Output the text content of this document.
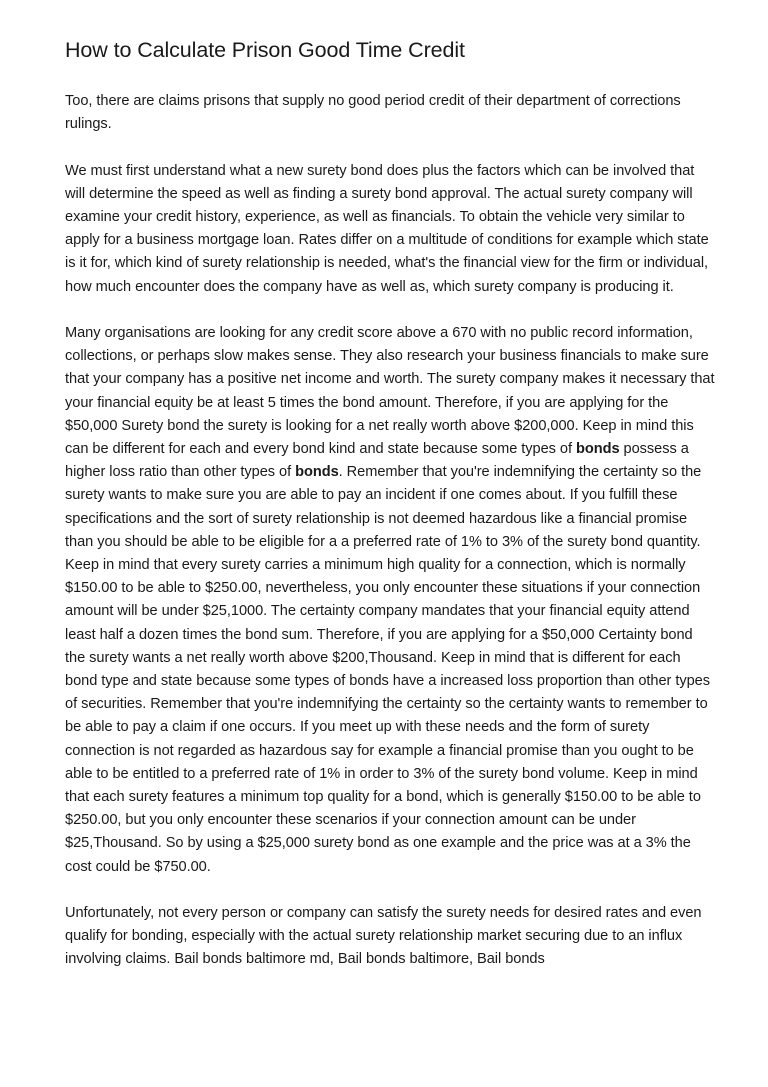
How to Calculate Prison Good Time Credit

Too, there are claims prisons that supply no good period credit of their department of corrections rulings.

We must first understand what a new surety bond does plus the factors which can be involved that will determine the speed as well as finding a surety bond approval. The actual surety company will examine your credit history, experience, as well as financials. To obtain the vehicle very similar to apply for a business mortgage loan. Rates differ on a multitude of conditions for example which state is it for, which kind of surety relationship is needed, what's the financial view for the firm or individual, how much encounter does the company have as well as, which surety company is producing it.

Many organisations are looking for any credit score above a 670 with no public record information, collections, or perhaps slow makes sense. They also research your business financials to make sure that your company has a positive net income and worth. The surety company makes it necessary that your financial equity be at least 5 times the bond amount. Therefore, if you are applying for the $50,000 Surety bond the surety is looking for a net really worth above $200,000. Keep in mind this can be different for each and every bond kind and state because some types of bonds possess a higher loss ratio than other types of bonds. Remember that you're indemnifying the certainty so the surety wants to make sure you are able to pay an incident if one comes about. If you fulfill these specifications and the sort of surety relationship is not deemed hazardous like a financial promise than you should be able to be eligible for a a preferred rate of 1% to 3% of the surety bond quantity. Keep in mind that every surety carries a minimum high quality for a connection, which is normally $150.00 to be able to $250.00, nevertheless, you only encounter these situations if your connection amount will be under $25,1000. The certainty company mandates that your financial equity attend least half a dozen times the bond sum. Therefore, if you are applying for a $50,000 Certainty bond the surety wants a net really worth above $200,Thousand. Keep in mind that is different for each bond type and state because some types of bonds have a increased loss proportion than other types of securities. Remember that you're indemnifying the certainty so the certainty wants to remember to be able to pay a claim if one occurs. If you meet up with these needs and the form of surety connection is not regarded as hazardous say for example a financial promise than you ought to be able to be entitled to a preferred rate of 1% in order to 3% of the surety bond volume. Keep in mind that each surety features a minimum top quality for a bond, which is generally $150.00 to be able to $250.00, but you only encounter these scenarios if your connection amount can be under $25,Thousand. So by using a $25,000 surety bond as one example and the price was at a 3% the cost could be $750.00.

Unfortunately, not every person or company can satisfy the surety needs for desired rates and even qualify for bonding, especially with the actual surety relationship market securing due to an influx involving claims. Bail bonds baltimore md, Bail bonds baltimore, Bail bonds
